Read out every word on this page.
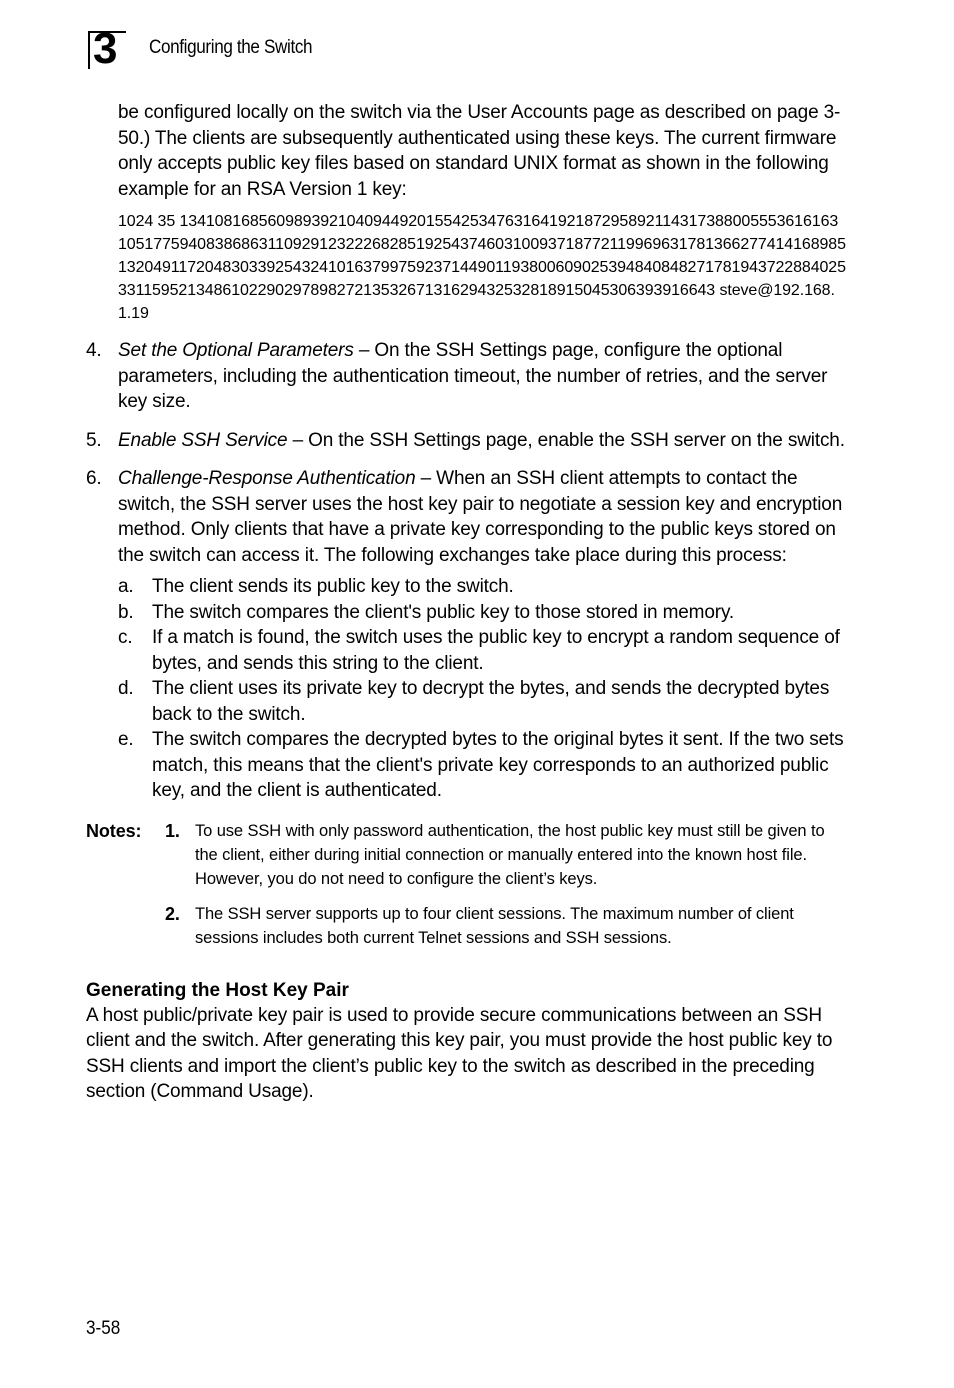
3 Configuring the Switch

be configured locally on the switch via the User Accounts page as described on page 3-50.) The clients are subsequently authenticated using these keys. The current firmware only accepts public key files based on standard UNIX format as shown in the following example for an RSA Version 1 key:

1024 35 134108168560989392104094492015542534763164192187295892114317388005553616163105177594083868631109291232226828519254374603100937187721199696317813662774141689851320491172048303392543241016379975923714490119380060902539484084827178194372288402533115952134861022902978982721353267131629432532818915045306393916643 steve@192.168.1.19

4. Set the Optional Parameters – On the SSH Settings page, configure the optional parameters, including the authentication timeout, the number of retries, and the server key size.
5. Enable SSH Service – On the SSH Settings page, enable the SSH server on the switch.
6. Challenge-Response Authentication – When an SSH client attempts to contact the switch, the SSH server uses the host key pair to negotiate a session key and encryption method. Only clients that have a private key corresponding to the public keys stored on the switch can access it. The following exchanges take place during this process:
a. The client sends its public key to the switch.
b. The switch compares the client's public key to those stored in memory.
c. If a match is found, the switch uses the public key to encrypt a random sequence of bytes, and sends this string to the client.
d. The client uses its private key to decrypt the bytes, and sends the decrypted bytes back to the switch.
e. The switch compares the decrypted bytes to the original bytes it sent. If the two sets match, this means that the client's private key corresponds to an authorized public key, and the client is authenticated.
Notes: 1. To use SSH with only password authentication, the host public key must still be given to the client, either during initial connection or manually entered into the known host file. However, you do not need to configure the client’s keys.
2. The SSH server supports up to four client sessions. The maximum number of client sessions includes both current Telnet sessions and SSH sessions.
Generating the Host Key Pair

A host public/private key pair is used to provide secure communications between an SSH client and the switch. After generating this key pair, you must provide the host public key to SSH clients and import the client’s public key to the switch as described in the preceding section (Command Usage).

3-58
